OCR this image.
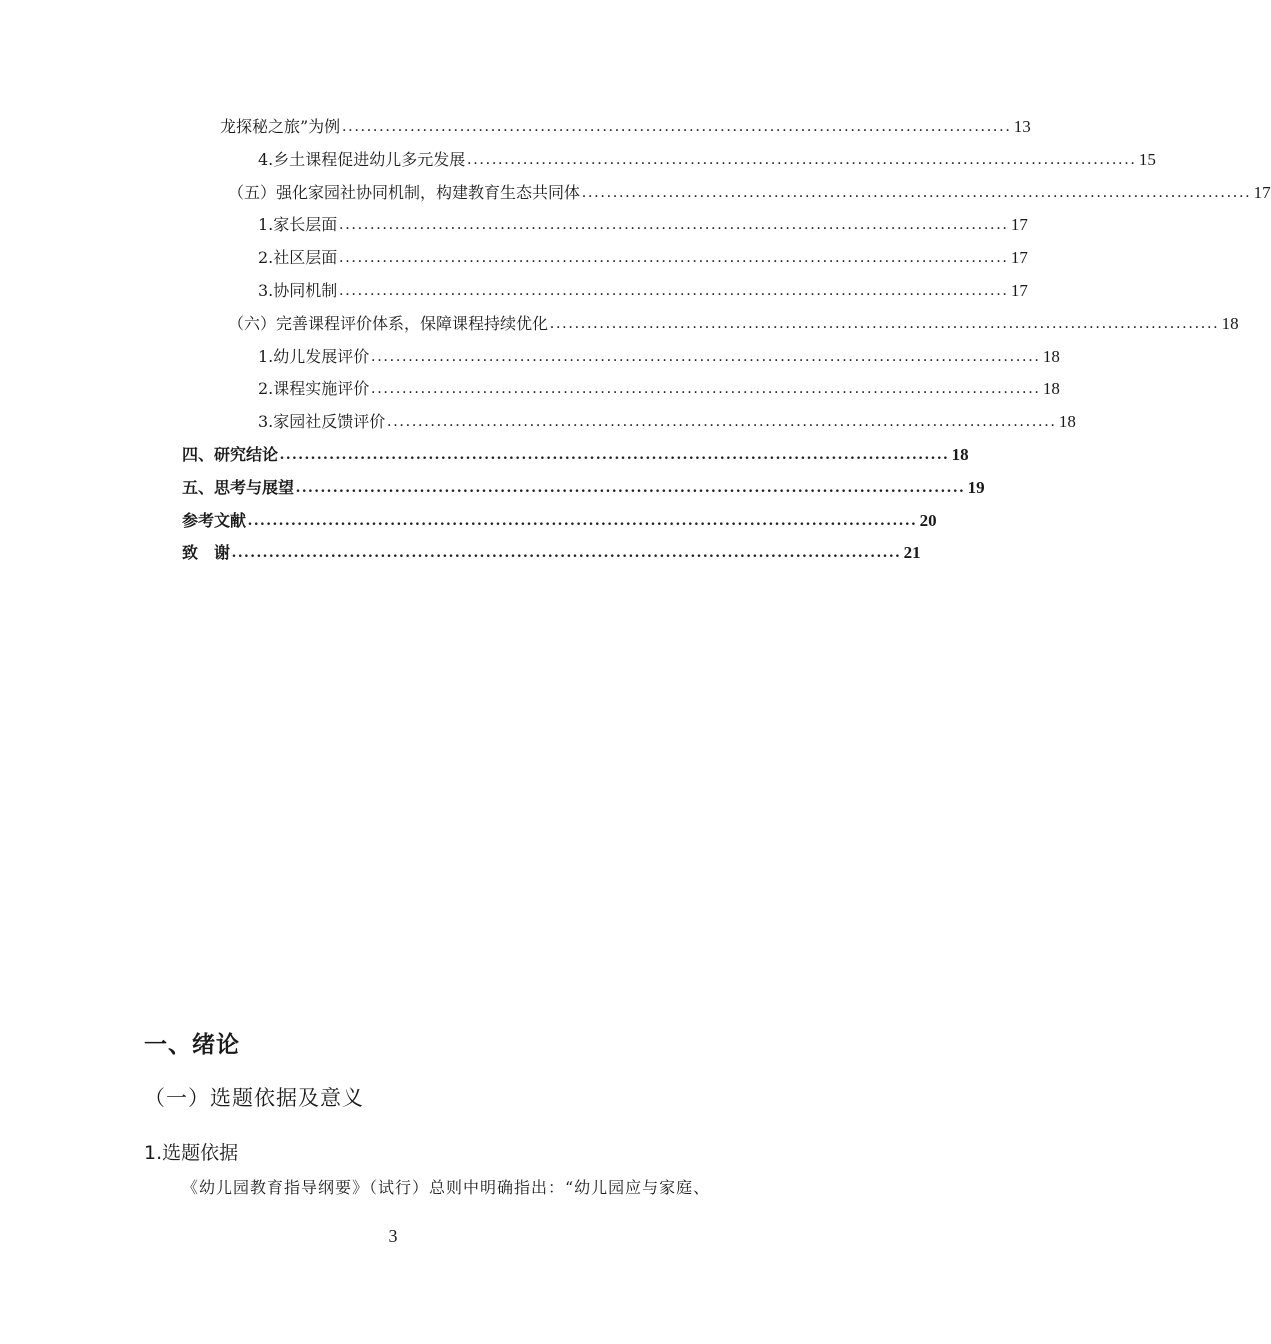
龙探秘之旅”为例 ............................................................................................................ 13
4.乡土课程促进幼儿多元发展 ............................................................................................................ 15
（五）强化家园社协同机制，构建教育生态共同体 ............................................................................................................ 17
1.家长层面 ............................................................................................................ 17
2.社区层面 ............................................................................................................ 17
3.协同机制 ............................................................................................................ 17
（六）完善课程评价体系，保障课程持续优化 ............................................................................................................ 18
1.幼儿发展评价 ............................................................................................................ 18
2.课程实施评价 ............................................................................................................ 18
3.家园社反馈评价 ............................................................................................................ 18
四、研究结论 ............................................................................................................ 18
五、思考与展望 ............................................................................................................ 19
参考文献 ............................................................................................................ 20
致　谢 ............................................................................................................ 21
一、绪论
（一）选题依据及意义
1.选题依据
《幼儿园教育指导纲要》（试行）总则中明确指出：“幼儿园应与家庭、
3
